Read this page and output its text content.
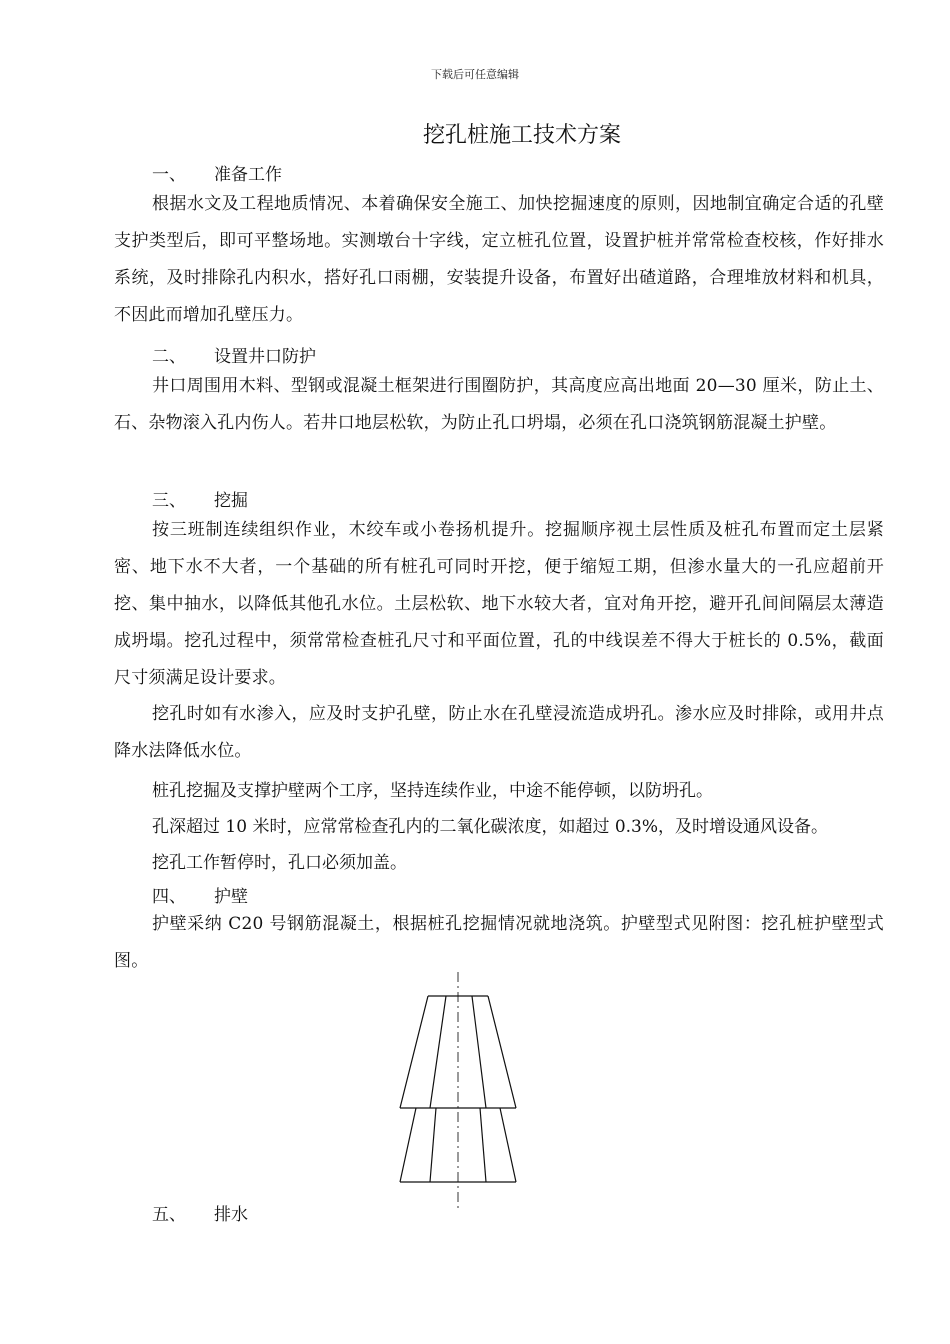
下载后可任意编辑
挖孔桩施工技术方案
一、 准备工作

根据水文及工程地质情况、本着确保安全施工、加快挖掘速度的原则，因地制宜确定合适的孔壁支护类型后，即可平整场地。实测墩台十字线，定立桩孔位置，设置护桩并常常检查校核，作好排水系统，及时排除孔内积水，搭好孔口雨棚，安装提升设备，布置好出碴道路，合理堆放材料和机具，不因此而增加孔壁压力。

二、 设置井口防护

井口周围用木料、型钢或混凝土框架进行围圈防护，其高度应高出地面 20—30 厘米，防止土、石、杂物滚入孔内伤人。若井口地层松软，为防止孔口坍塌，必须在孔口浇筑钢筋混凝土护壁。

三、 挖掘

按三班制连续组织作业，木绞车或小卷扬机提升。挖掘顺序视土层性质及桩孔布置而定土层紧密、地下水不大者，一个基础的所有桩孔可同时开挖，便于缩短工期，但渗水量大的一孔应超前开挖、集中抽水，以降低其他孔水位。土层松软、地下水较大者，宜对角开挖，避开孔间间隔层太薄造成坍塌。挖孔过程中，须常常检查桩孔尺寸和平面位置，孔的中线误差不得大于桩长的 0.5%，截面尺寸须满足设计要求。

挖孔时如有水渗入，应及时支护孔壁，防止水在孔壁浸流造成坍孔。渗水应及时排除，或用井点降水法降低水位。

桩孔挖掘及支撑护壁两个工序，坚持连续作业，中途不能停顿，以防坍孔。
孔深超过 10 米时，应常常检查孔内的二氧化碳浓度，如超过 0.3%，及时增设通风设备。
挖孔工作暂停时，孔口必须加盖。
四、 护壁

护壁采纳 C20 号钢筋混凝土，根据桩孔挖掘情况就地浇筑。护壁型式见附图：挖孔桩护壁型式图。

五、 排水
